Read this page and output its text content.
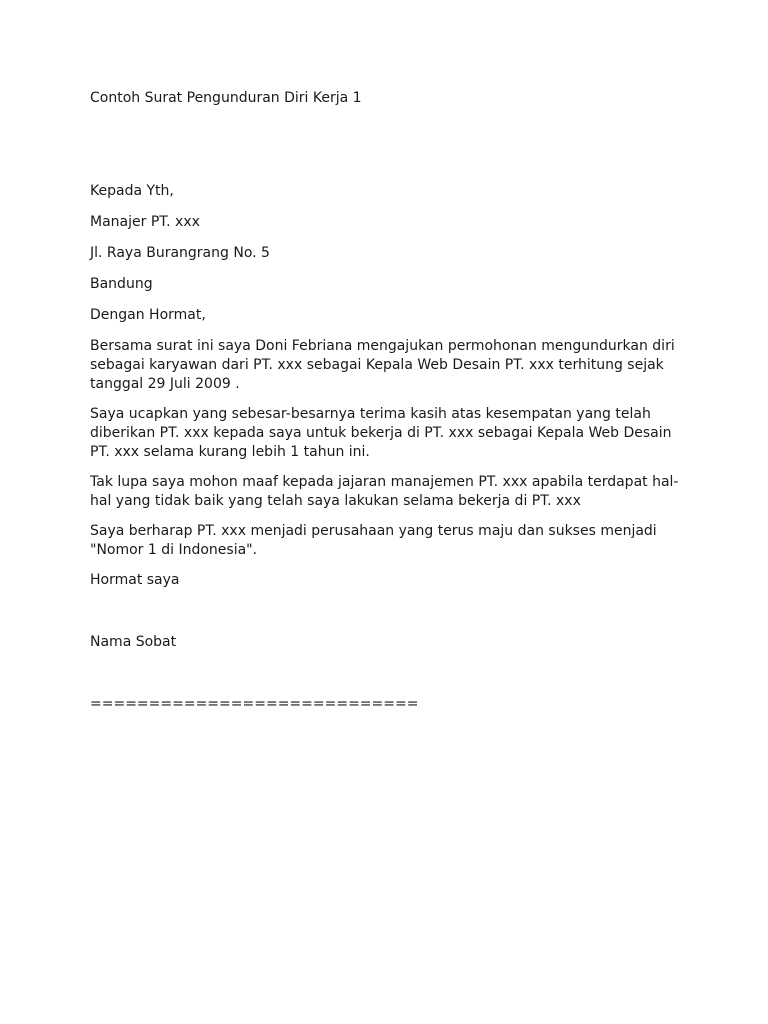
Contoh Surat Pengunduran Diri Kerja 1
Kepada Yth,
Manajer PT. xxx
Jl. Raya Burangrang No. 5
Bandung
Dengan Hormat,
Bersama surat ini saya Doni Febriana mengajukan permohonan mengundurkan diri
sebagai karyawan dari PT. xxx sebagai Kepala Web Desain PT. xxx terhitung sejak
tanggal 29 Juli 2009 .
Saya ucapkan yang sebesar-besarnya terima kasih atas kesempatan yang telah
diberikan PT. xxx kepada saya untuk bekerja di PT. xxx sebagai Kepala Web Desain
PT. xxx selama kurang lebih 1 tahun ini.
Tak lupa saya mohon maaf kepada jajaran manajemen PT. xxx apabila terdapat hal-
hal yang tidak baik yang telah saya lakukan selama bekerja di PT. xxx
Saya berharap PT. xxx menjadi perusahaan yang terus maju dan sukses menjadi
"Nomor 1 di Indonesia".
Hormat saya
Nama Sobat
============================
